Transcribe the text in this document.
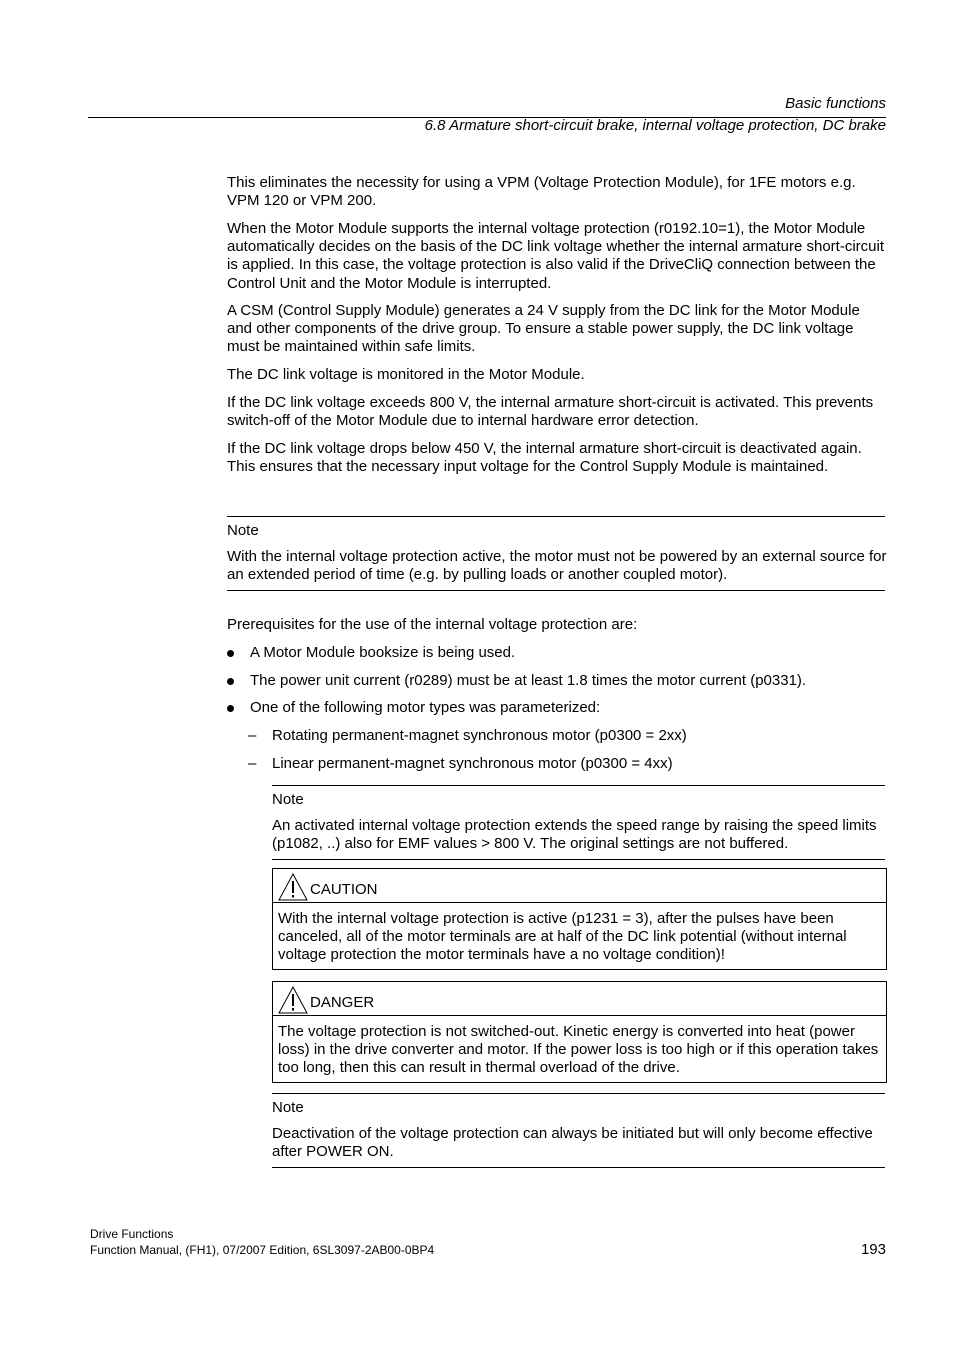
Basic functions
6.8 Armature short-circuit brake, internal voltage protection, DC brake
This eliminates the necessity for using a VPM (Voltage Protection Module), for 1FE motors e.g. VPM 120 or VPM 200.
When the Motor Module supports the internal voltage protection (r0192.10=1), the Motor Module automatically decides on the basis of the DC link voltage whether the internal armature short-circuit is applied. In this case, the voltage protection is also valid if the DriveCliQ connection between the Control Unit and the Motor Module is interrupted.
A CSM (Control Supply Module) generates a 24 V supply from the DC link for the Motor Module and other components of the drive group. To ensure a stable power supply, the DC link voltage must be maintained within safe limits.
The DC link voltage is monitored in the Motor Module.
If the DC link voltage exceeds 800 V, the internal armature short-circuit is activated. This prevents switch-off of the Motor Module due to internal hardware error detection.
If the DC link voltage drops below 450 V, the internal armature short-circuit is deactivated again. This ensures that the necessary input voltage for the Control Supply Module is maintained.
Note
With the internal voltage protection active, the motor must not be powered by an external source for an extended period of time (e.g. by pulling loads or another coupled motor).
Prerequisites for the use of the internal voltage protection are:
A Motor Module booksize is being used.
The power unit current (r0289) must be at least 1.8 times the motor current (p0331).
One of the following motor types was parameterized:
– Rotating permanent-magnet synchronous motor (p0300 = 2xx)
– Linear permanent-magnet synchronous motor (p0300 = 4xx)
Note
An activated internal voltage protection extends the speed range by raising the speed limits (p1082, ..) also for EMF values > 800 V. The original settings are not buffered.
CAUTION
With the internal voltage protection is active (p1231 = 3), after the pulses have been canceled, all of the motor terminals are at half of the DC link potential (without internal voltage protection the motor terminals have a no voltage condition)!
DANGER
The voltage protection is not switched-out. Kinetic energy is converted into heat (power loss) in the drive converter and motor. If the power loss is too high or if this operation takes too long, then this can result in thermal overload of the drive.
Note
Deactivation of the voltage protection can always be initiated but will only become effective after POWER ON.
Drive Functions
Function Manual, (FH1), 07/2007 Edition, 6SL3097-2AB00-0BP4	193
